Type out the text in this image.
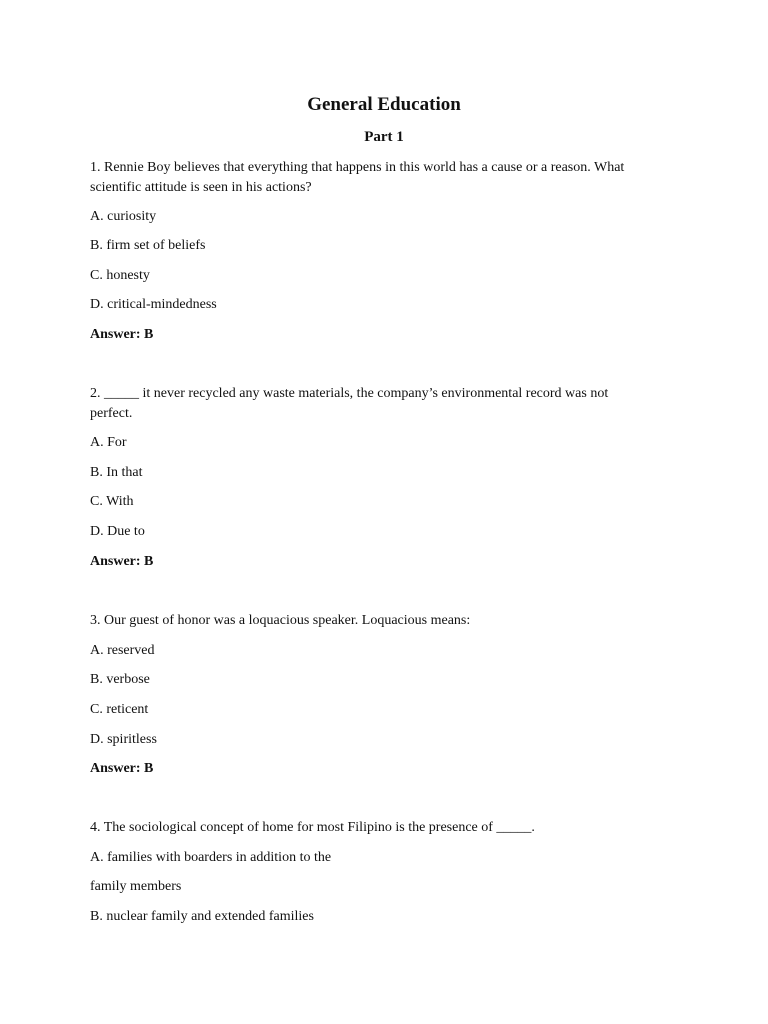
General Education
Part 1
1. Rennie Boy believes that everything that happens in this world has a cause or a reason. What
scientific attitude is seen in his actions?
A. curiosity
B. firm set of beliefs
C. honesty
D. critical-mindedness
Answer: B
2. _____ it never recycled any waste materials, the company’s environmental record was not
perfect.
A. For
B. In that
C. With
D. Due to
Answer: B
3. Our guest of honor was a loquacious speaker. Loquacious means:
A. reserved
B. verbose
C. reticent
D. spiritless
Answer: B
4. The sociological concept of home for most Filipino is the presence of _____.
A. families with boarders in addition to the
family members
B. nuclear family and extended families
